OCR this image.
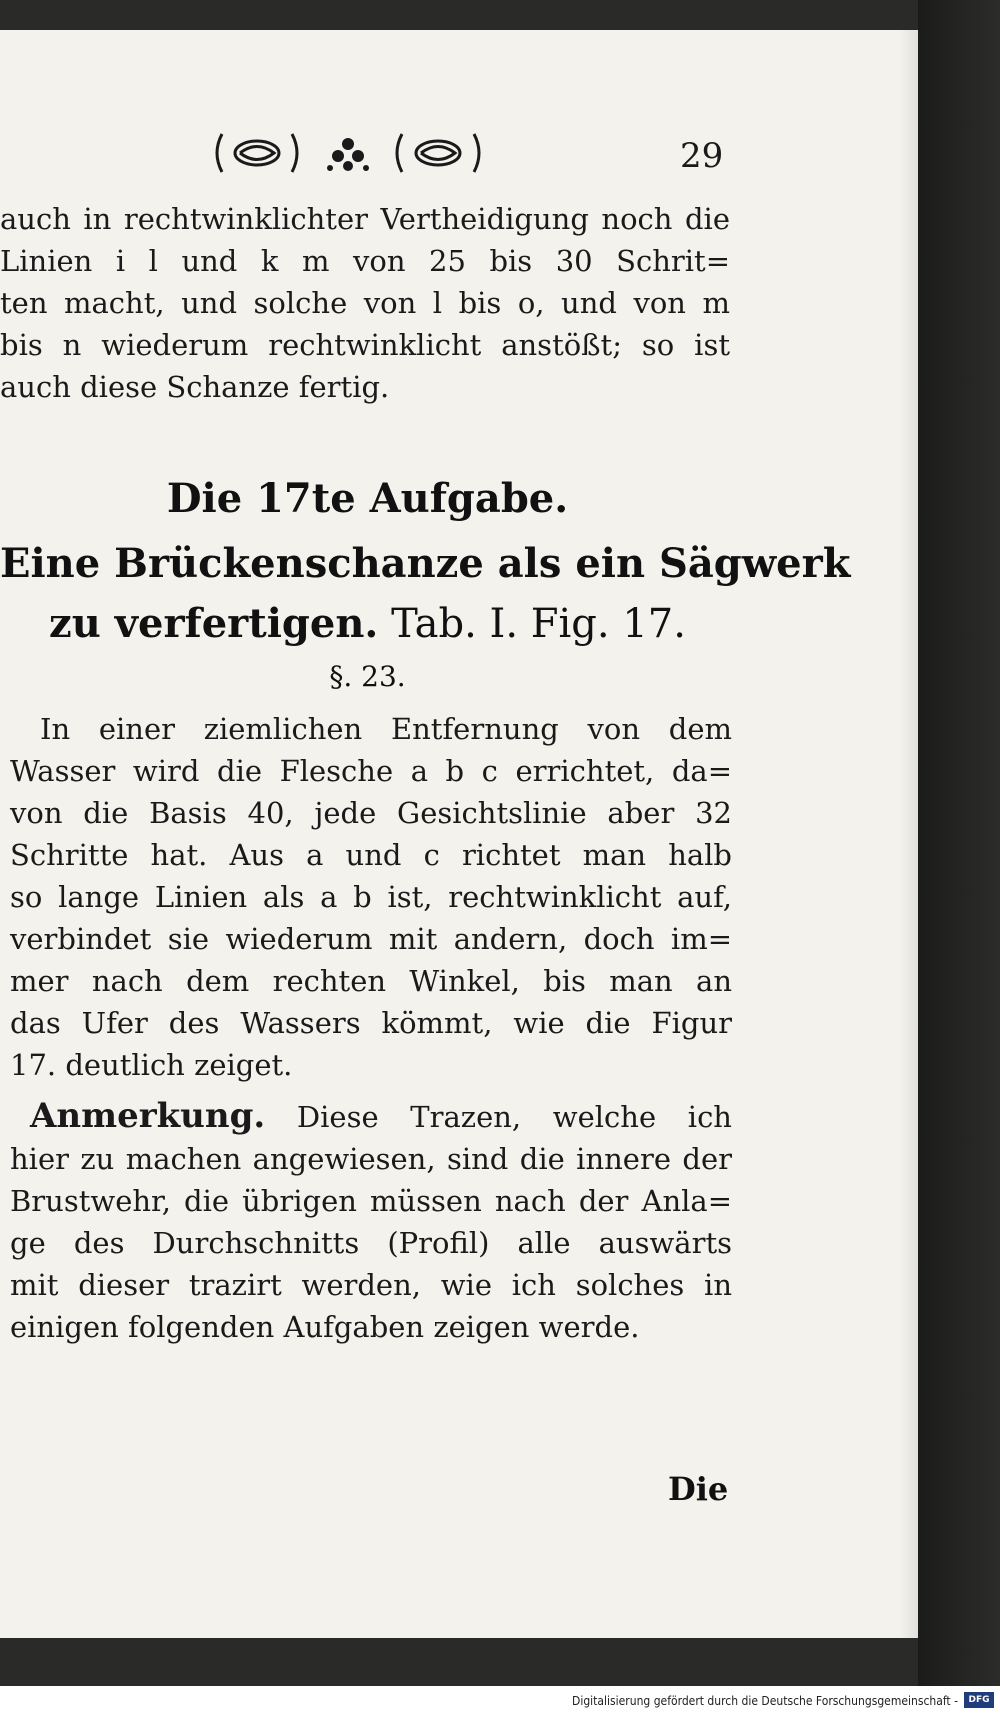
29
auch in rechtwinklichter Vertheidigung noch die
Linien i l und k m von 25 bis 30 Schrit=
ten macht, und solche von l bis o, und von m
bis n wiederum rechtwinklicht anstößt; so ist
auch diese Schanze fertig.
Die 17te Aufgabe.
Eine Brückenschanze als ein Sägwerk
zu verfertigen. Tab. I. Fig. 17.
§. 23.
In einer ziemlichen Entfernung von dem
Wasser wird die Flesche a b c errichtet, da=
von die Basis 40, jede Gesichtslinie aber 32
Schritte hat. Aus a und c richtet man halb
so lange Linien als a b ist, rechtwinklicht auf,
verbindet sie wiederum mit andern, doch im=
mer nach dem rechten Winkel, bis man an
das Ufer des Wassers kömmt, wie die Figur
17. deutlich zeiget.
Anmerkung. Diese Trazen, welche ich
hier zu machen angewiesen, sind die innere der
Brustwehr, die übrigen müssen nach der Anla=
ge des Durchschnitts (Profil) alle auswärts
mit dieser trazirt werden, wie ich solches in
einigen folgenden Aufgaben zeigen werde.
Die
Digitalisierung gefördert durch die Deutsche Forschungsgemeinschaft -	DFG
